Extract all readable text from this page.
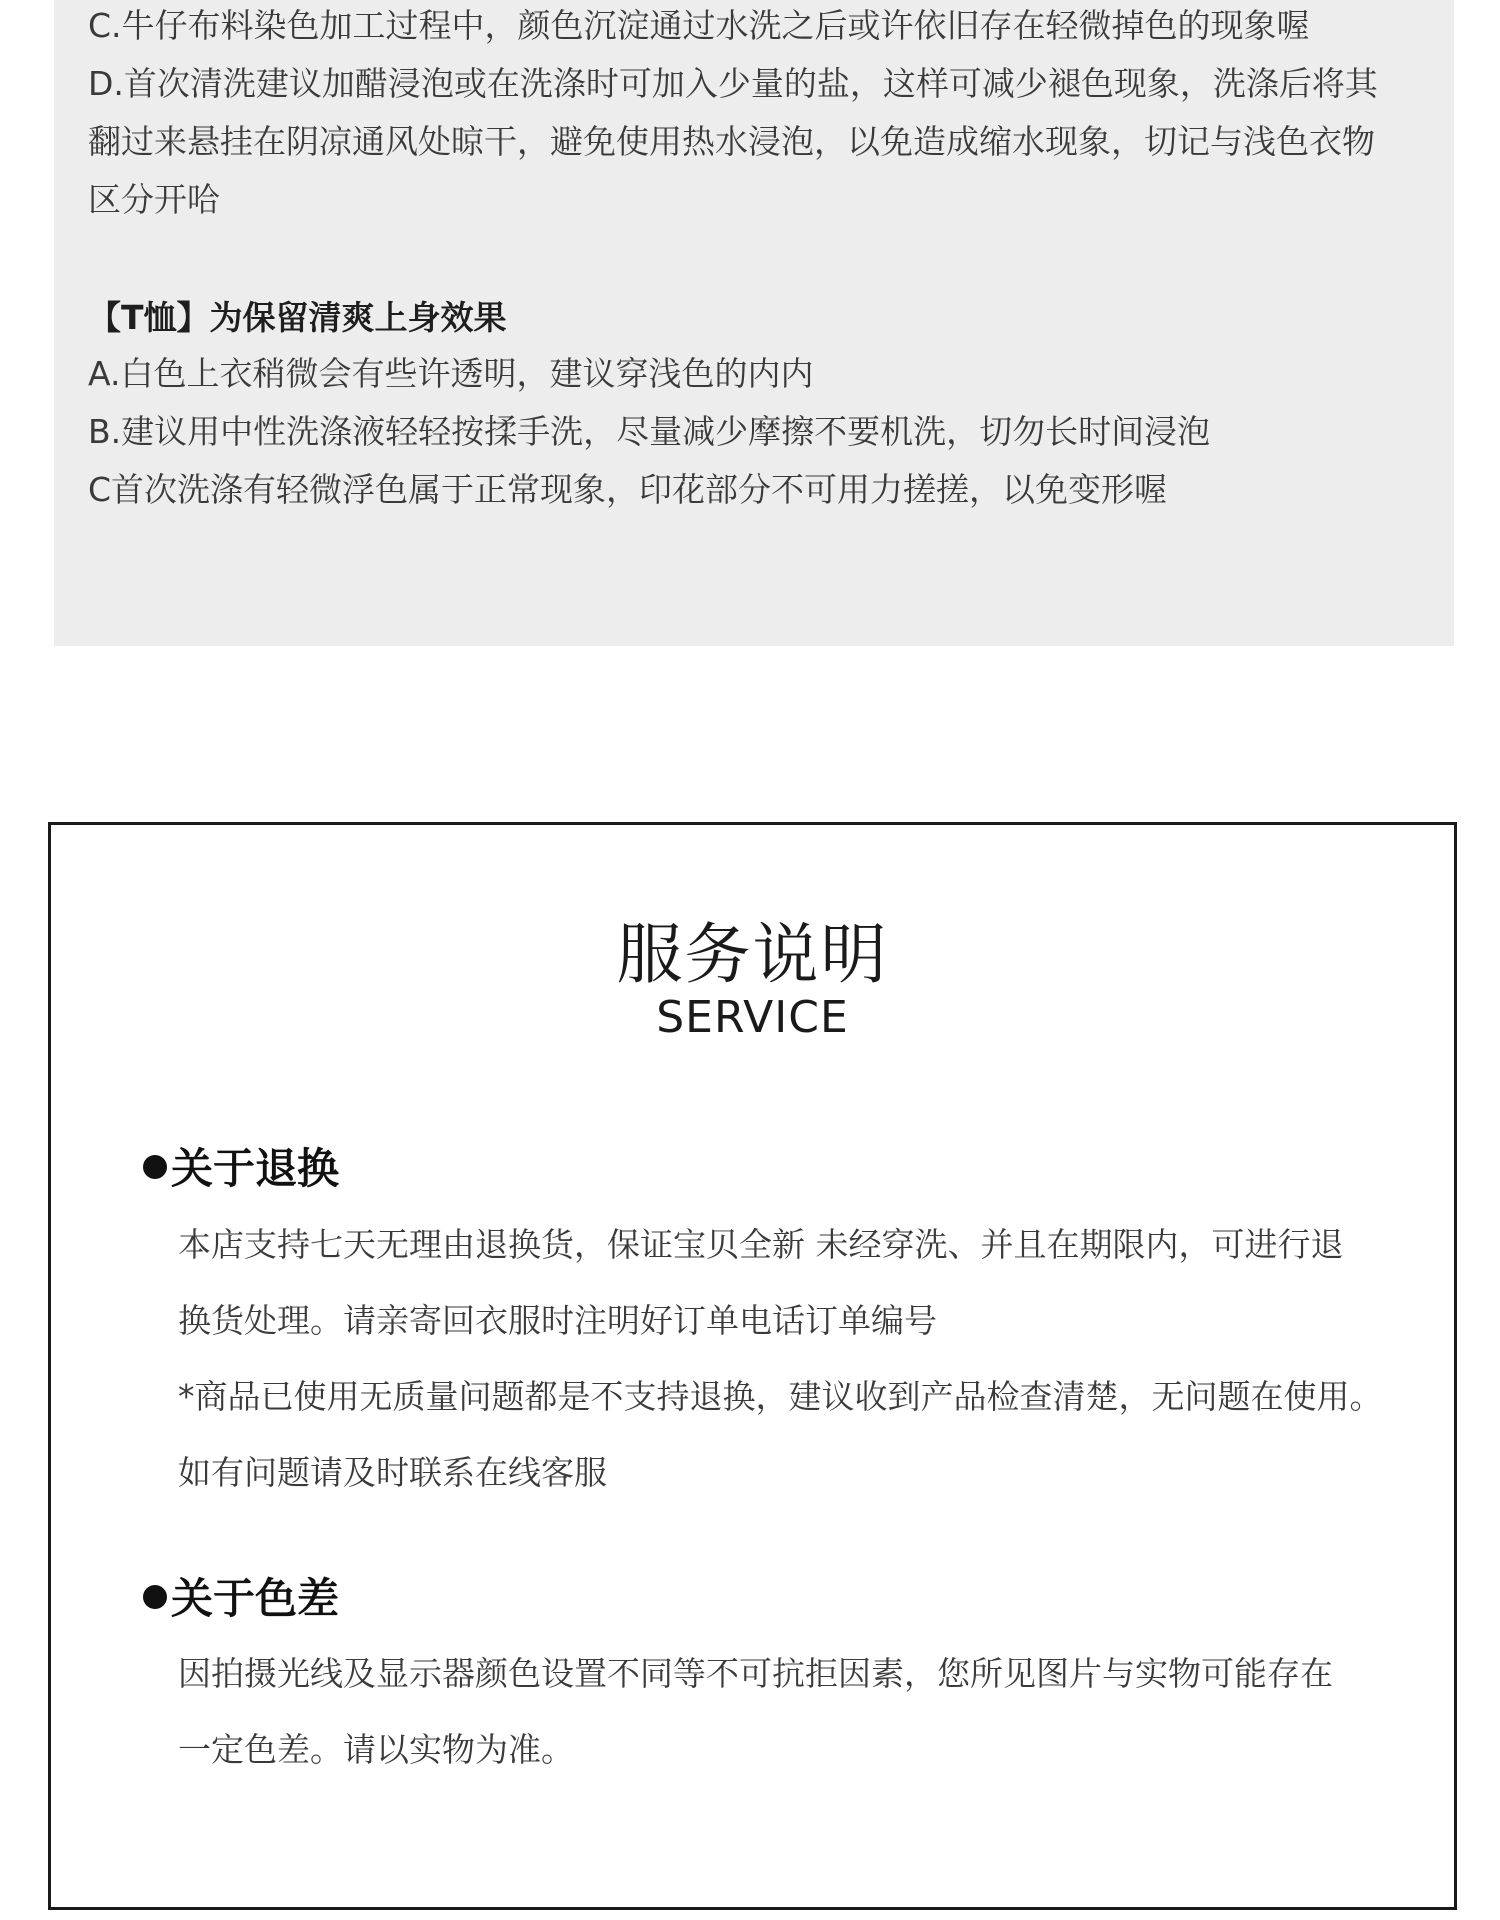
C.牛仔布料染色加工过程中，颜色沉淀通过水洗之后或许依旧存在轻微掉色的现象喔
D.首次清洗建议加醋浸泡或在洗涤时可加入少量的盐，这样可减少褪色现象，洗涤后将其
翻过来悬挂在阴凉通风处晾干，避免使用热水浸泡，以免造成缩水现象，切记与浅色衣物
区分开哈
【T恤】为保留清爽上身效果
A.白色上衣稍微会有些许透明，建议穿浅色的内内
B.建议用中性洗涤液轻轻按揉手洗，尽量减少摩擦不要机洗，切勿长时间浸泡
C首次洗涤有轻微浮色属于正常现象，印花部分不可用力搓搓，以免变形喔
服务说明
SERVICE
关于退换
本店支持七天无理由退换货，保证宝贝全新 未经穿洗、并且在期限内，可进行退
换货处理。请亲寄回衣服时注明好订单电话订单编号
*商品已使用无质量问题都是不支持退换，建议收到产品检查清楚，无问题在使用。
如有问题请及时联系在线客服
关于色差
因拍摄光线及显示器颜色设置不同等不可抗拒因素，您所见图片与实物可能存在
一定色差。请以实物为准。
